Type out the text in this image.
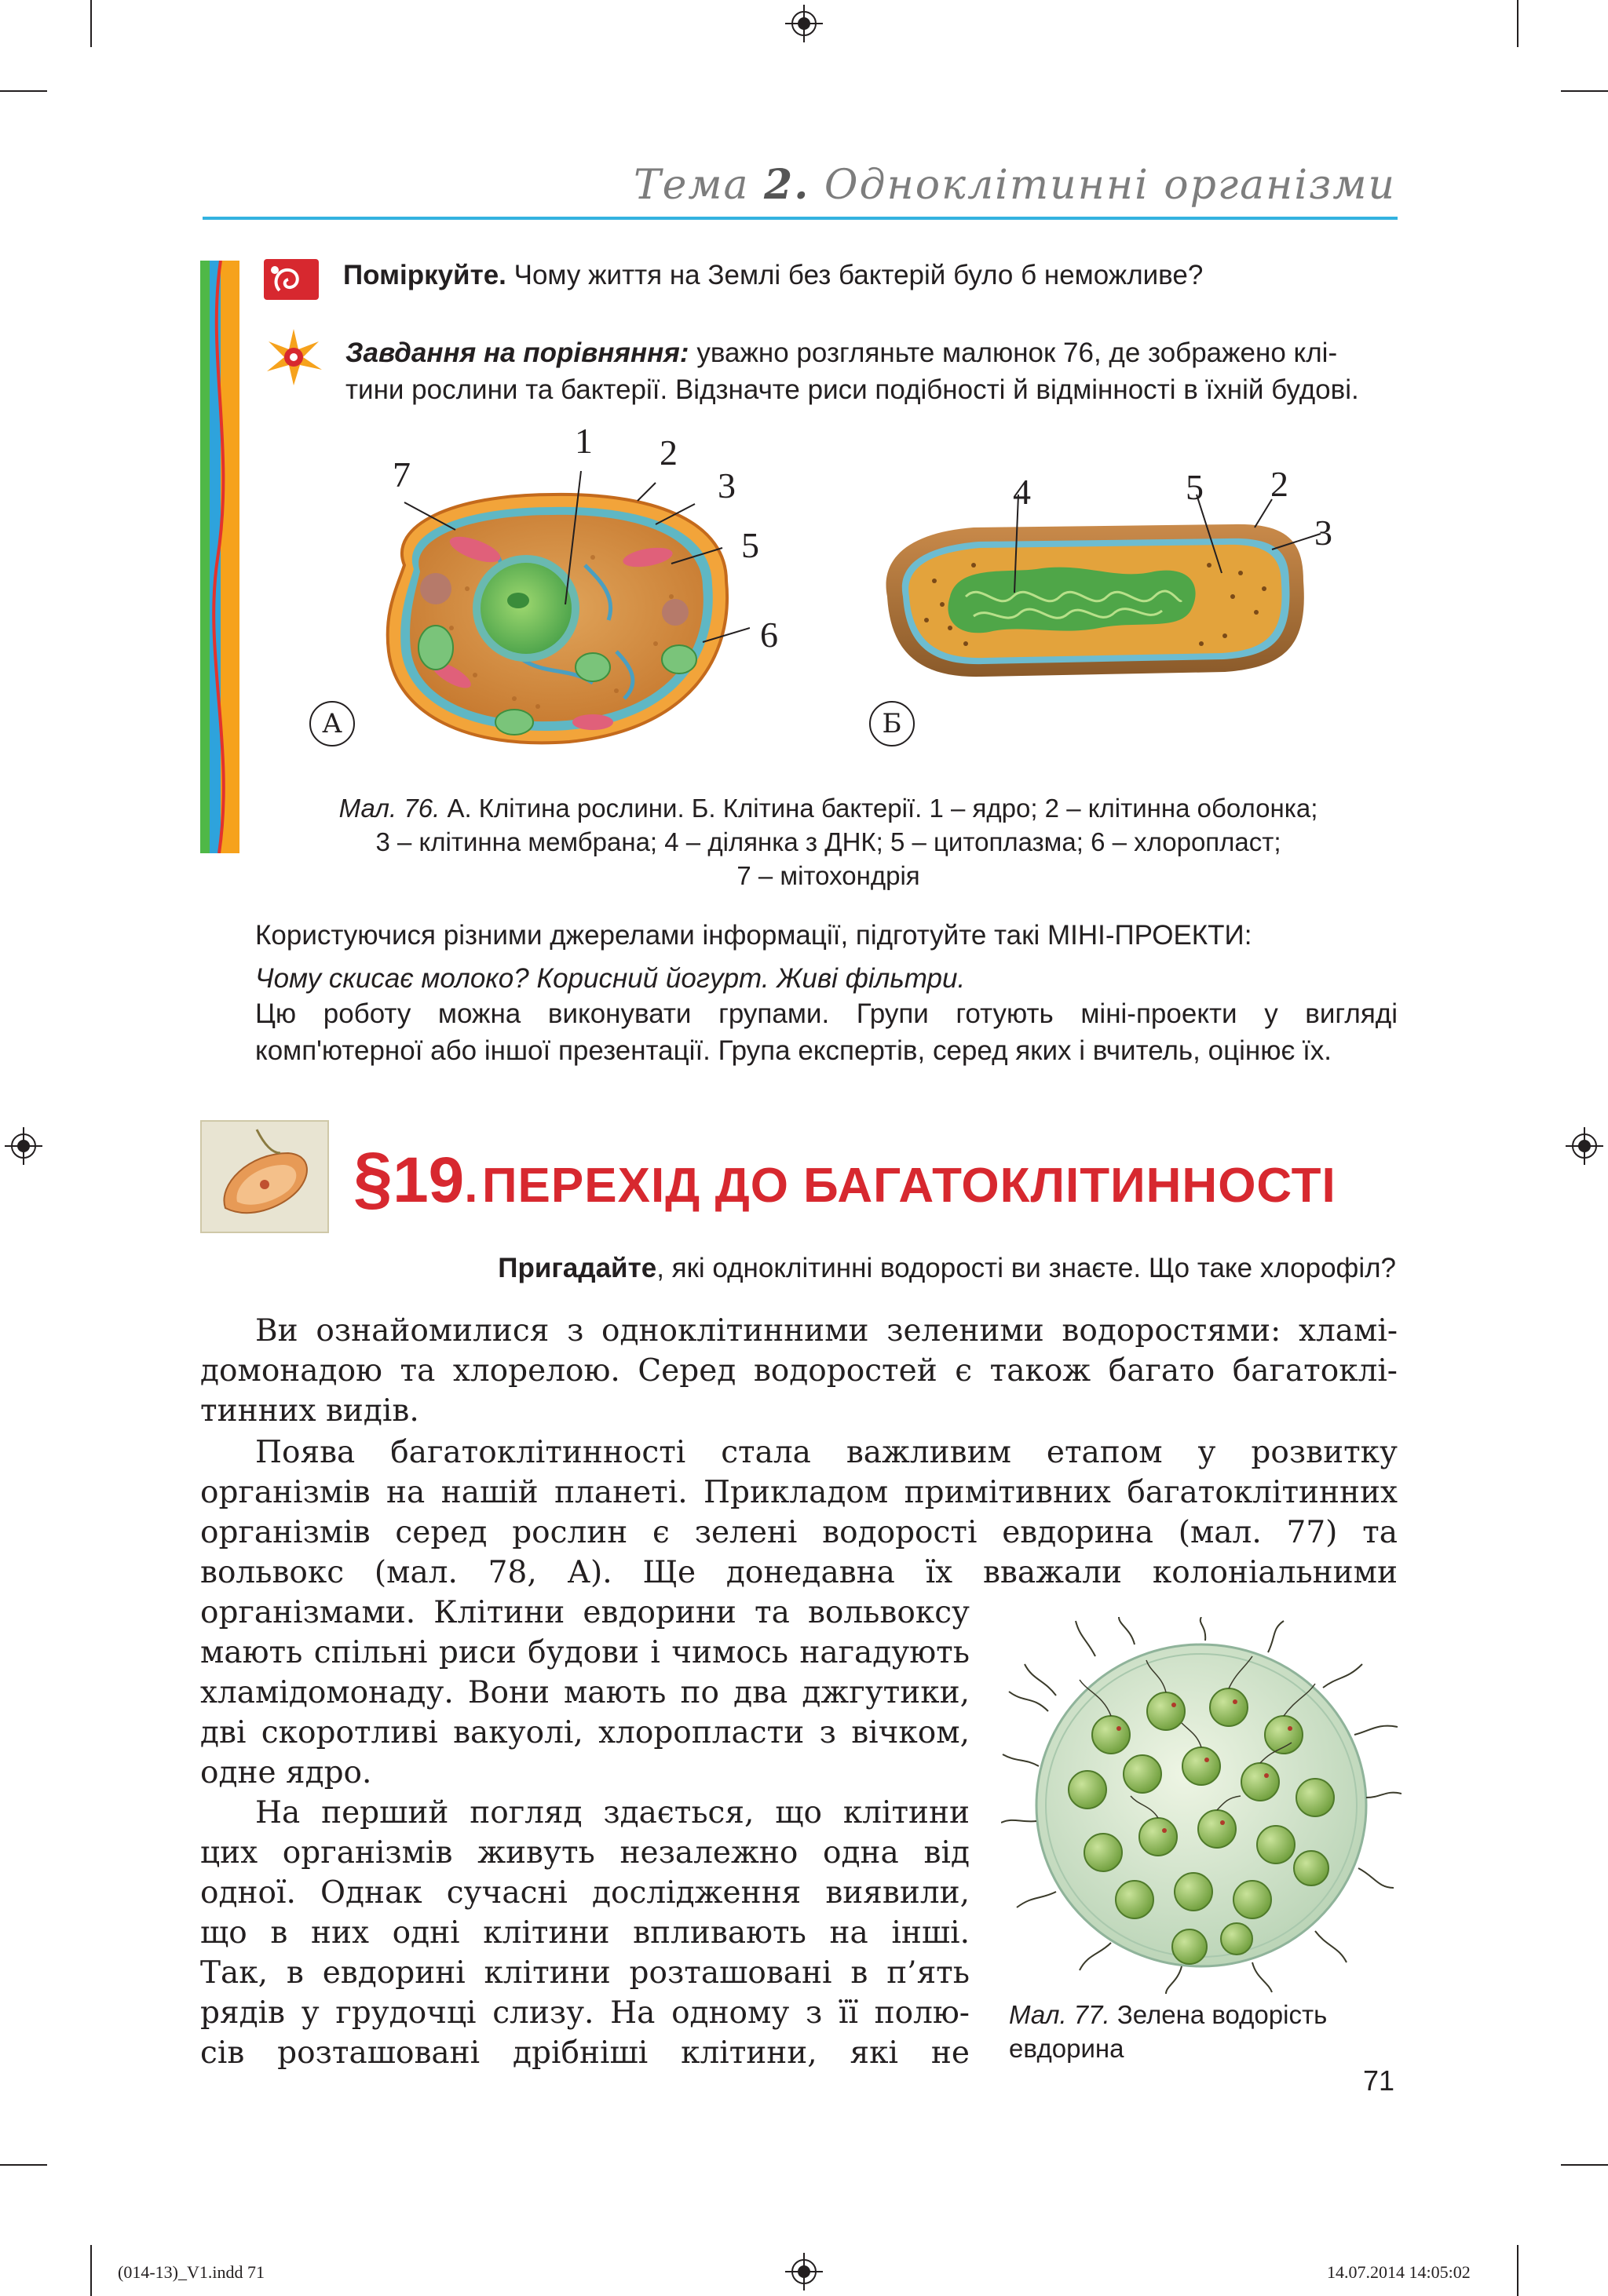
Тема 2. Одноклітинні організми
Поміркуйте. Чому життя на Землі без бактерій було б неможливе?
Завдання на порівняння: уважно розгляньте малюнок 76, де зображено клі-
тини рослини та бактерії. Відзначте риси подібності й відмінності в їхній будові.
1 2
3
5
6
7
А
4	5 2
3
Б
Мал. 76. А. Клітина рослини. Б. Клітина бактерії. 1 – ядро; 2 – клітинна оболонка;
3 – клітинна мембрана; 4 – ділянка з ДНК; 5 – цитоплазма; 6 – хлоропласт;
7 – мітохондрія
Користуючися різними джерелами інформації, підготуйте такі МІНІ-ПРОЕКТИ:
Чому скисає молоко? Корисний йогурт. Живі фільтри.
Цю роботу можна виконувати групами. Групи готують міні-проекти у вигляді
комп'ютерної або іншої презентації. Група експертів, серед яких і вчитель, оцінює їх.
§19. ПЕРЕХІД ДО БАГАТОКЛІТИННОСТІ
Пригадайте, які одноклітинні водорості ви знаєте. Що таке хлорофіл?
Ви ознайомилися з одноклітинними зеленими водоростями: хламі-
домонадою та хлорелою. Серед водоростей є також багато багатоклі-
тинних видів.
Поява багатоклітинності стала важливим етапом у розвитку
організмів на нашій планеті. Прикладом примітивних багатоклітинних
організмів серед рослин є зелені водорості евдорина (мал. 77) та
вольвокс (мал. 78, А). Ще донедавна їх вважали колоніальними
організмами. Клітини евдорини та вольвоксу
мають спільні риси будови і чимось нагадують
хламідомонаду. Вони мають по два джгутики,
дві скоротливі вакуолі, хлоропласти з вічком,
одне ядро.
На перший погляд здається, що клітини
цих організмів живуть незалежно одна від
одної. Однак сучасні дослідження виявили,
що в них одні клітини впливають на інші.
Так, в евдорині клітини розташовані в п’ять
рядів у грудочці слизу. На одному з її полю-
сів розташовані дрібніші клітини, які не
Мал. 77. Зелена водорість
евдорина
71
(014-13)_V1.indd 71	14.07.2014 14:05:02
